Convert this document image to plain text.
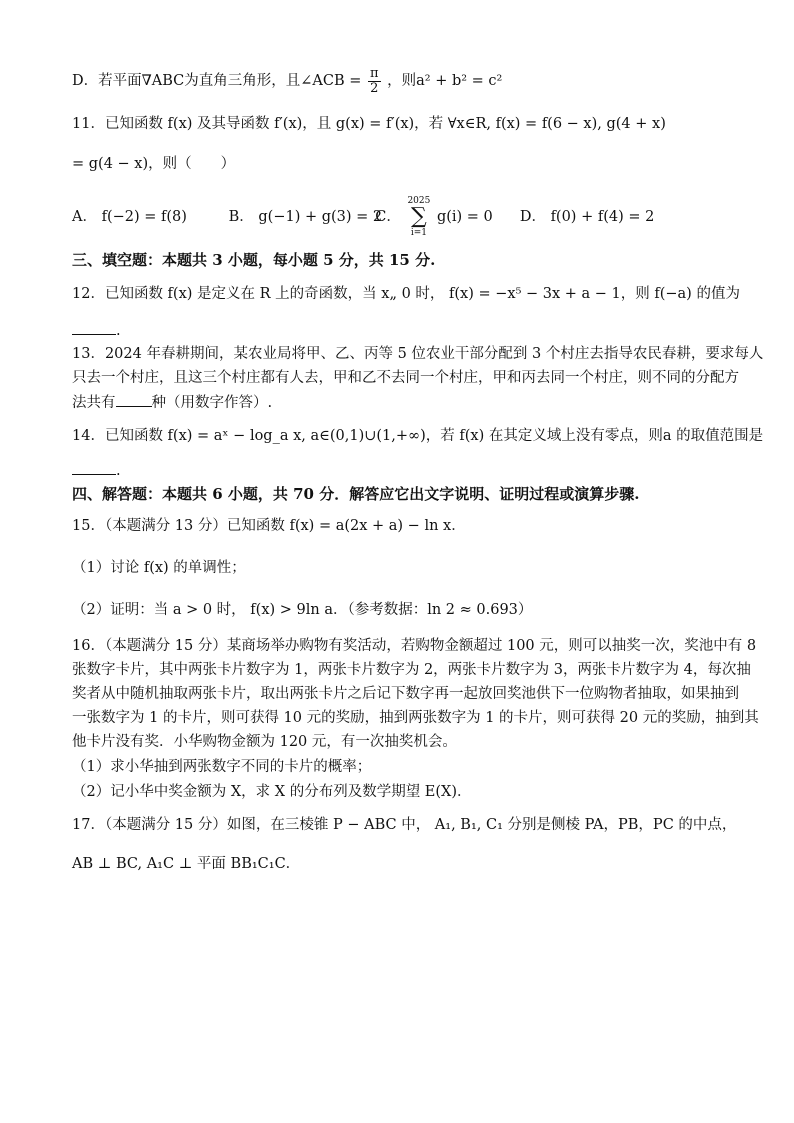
D．若平面∇ABC为直角三角形，且∠ACB = $\frac{\pi}{2}$ ，则a² + b² = c²
11．已知函数 f(x) 及其导函数 f′(x)，且 g(x) = f′(x)，若 ∀x∈R, f(x) = f(6 − x), g(4 + x)
= g(4 − x)，则（　　）
A． f(−2) = f(8)	B． g(−1) + g(3) = 2 C．
2025
∑
i=1
g(i) = 0 D． f(0) + f(4) = 2
三、填空题：本题共 3 小题，每小题 5 分，共 15 分.
12．已知函数 f(x) 是定义在 R 上的奇函数，当 x„ 0 时， f(x) = −x⁵ − 3x + a − 1，则 f(−a) 的值为
.
13．2024 年春耕期间，某农业局将甲、乙、丙等 5 位农业干部分配到 3 个村庄去指导农民春耕，要求每人
只去一个村庄，且这三个村庄都有人去，甲和乙不去同一个村庄，甲和丙去同一个村庄，则不同的分配方
法共有 种（用数字作答）.
14．已知函数 f(x) = aˣ − log_a x, a∈(0,1)∪(1,+∞)，若 f(x) 在其定义域上没有零点，则a 的取值范围是
.
四、解答题：本题共 6 小题，共 70 分．解答应它出文字说明、证明过程或演算步骤.
15．（本题满分 13 分）已知函数 f(x) = a(2x + a) − ln x．
（1）讨论 f(x) 的单调性；
（2）证明：当 a > 0 时， f(x) > 9ln a．（参考数据：ln 2 ≈ 0.693）
16．（本题满分 15 分）某商场举办购物有奖活动，若购物金额超过 100 元，则可以抽奖一次，奖池中有 8
张数字卡片，其中两张卡片数字为 1，两张卡片数字为 2，两张卡片数字为 3，两张卡片数字为 4，每次抽
奖者从中随机抽取两张卡片，取出两张卡片之后记下数字再一起放回奖池供下一位购物者抽取，如果抽到
一张数字为 1 的卡片，则可获得 10 元的奖励，抽到两张数字为 1 的卡片，则可获得 20 元的奖励，抽到其
他卡片没有奖．小华购物金额为 120 元，有一次抽奖机会。
（1）求小华抽到两张数字不同的卡片的概率；
（2）记小华中奖金额为 X，求 X 的分布列及数学期望 E(X)．
17．（本题满分 15 分）如图，在三棱锥 P − ABC 中， A₁, B₁, C₁ 分别是侧棱 PA，PB，PC 的中点，
AB ⊥ BC, A₁C ⊥ 平面 BB₁C₁C．
